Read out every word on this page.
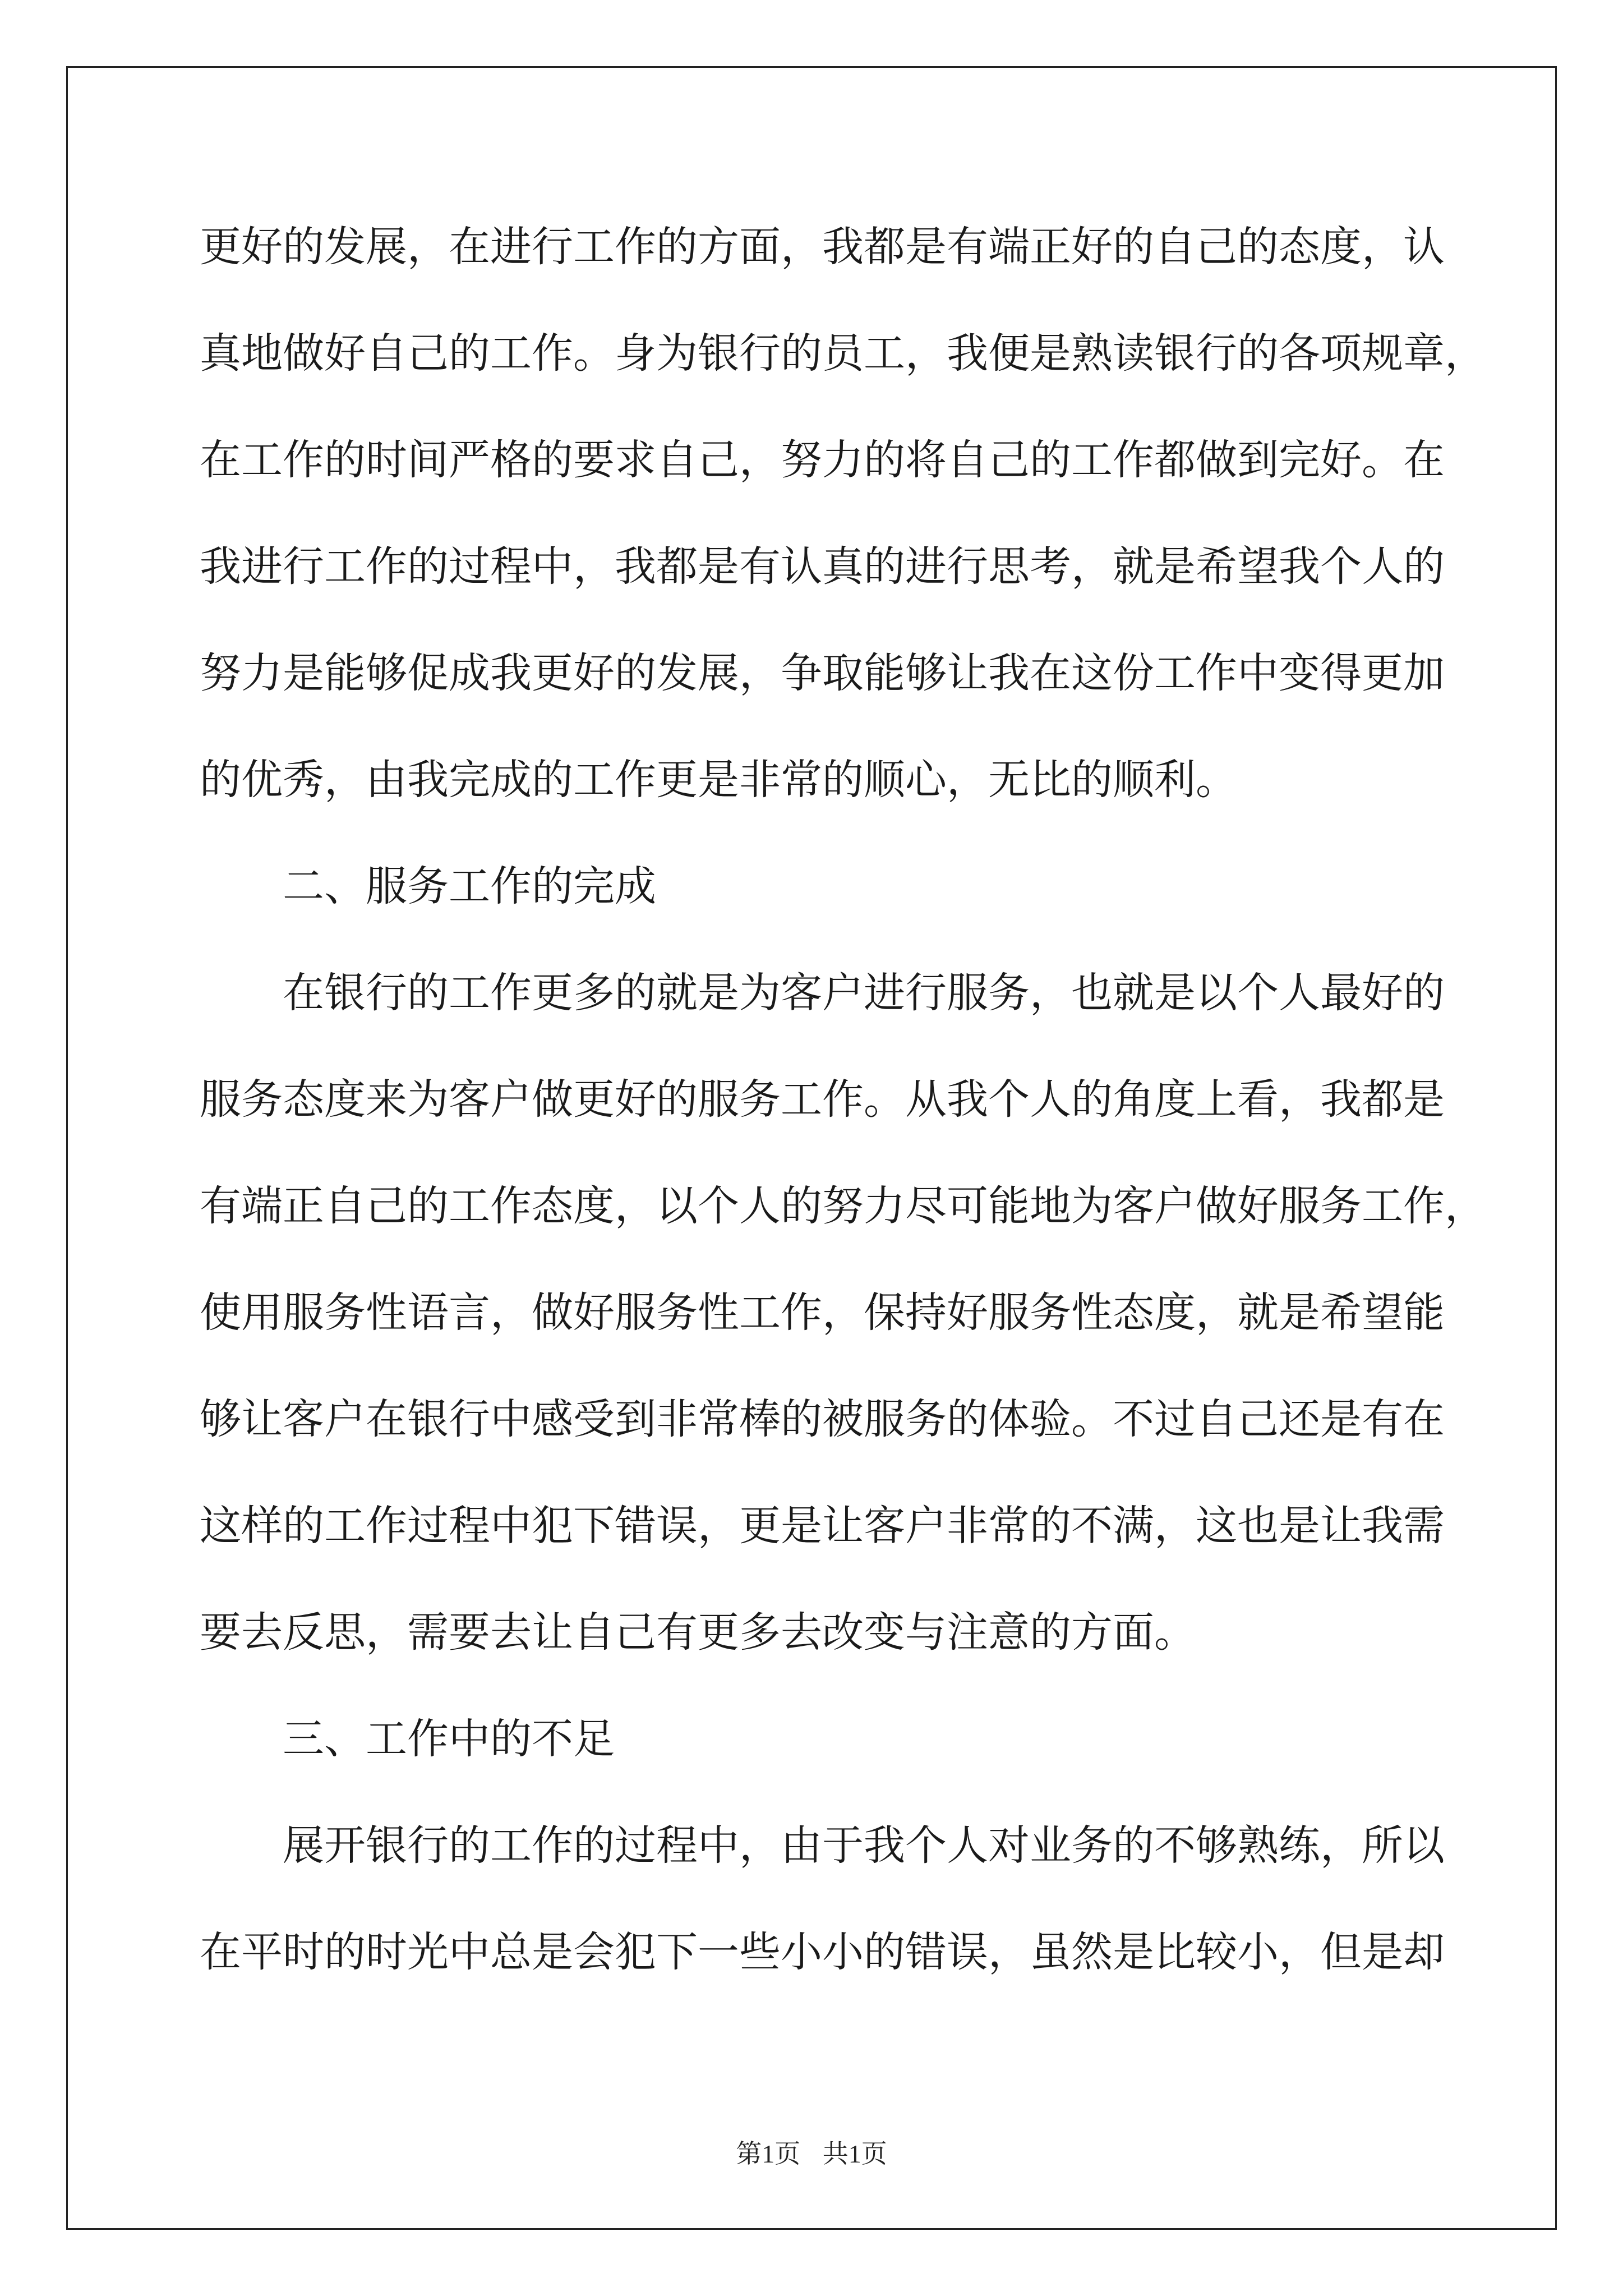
更好的发展，在进行工作的方面，我都是有端正好的自己的态度，认
真地做好自己的工作。身为银行的员工，我便是熟读银行的各项规章，
在工作的时间严格的要求自己，努力的将自己的工作都做到完好。在
我进行工作的过程中，我都是有认真的进行思考，就是希望我个人的
努力是能够促成我更好的发展，争取能够让我在这份工作中变得更加
的优秀，由我完成的工作更是非常的顺心，无比的顺利。
二、服务工作的完成
在银行的工作更多的就是为客户进行服务，也就是以个人最好的
服务态度来为客户做更好的服务工作。从我个人的角度上看，我都是
有端正自己的工作态度，以个人的努力尽可能地为客户做好服务工作，
使用服务性语言，做好服务性工作，保持好服务性态度，就是希望能
够让客户在银行中感受到非常棒的被服务的体验。不过自己还是有在
这样的工作过程中犯下错误，更是让客户非常的不满，这也是让我需
要去反思，需要去让自己有更多去改变与注意的方面。
三、工作中的不足
展开银行的工作的过程中，由于我个人对业务的不够熟练，所以
在平时的时光中总是会犯下一些小小的错误，虽然是比较小，但是却
第1页 共1页
